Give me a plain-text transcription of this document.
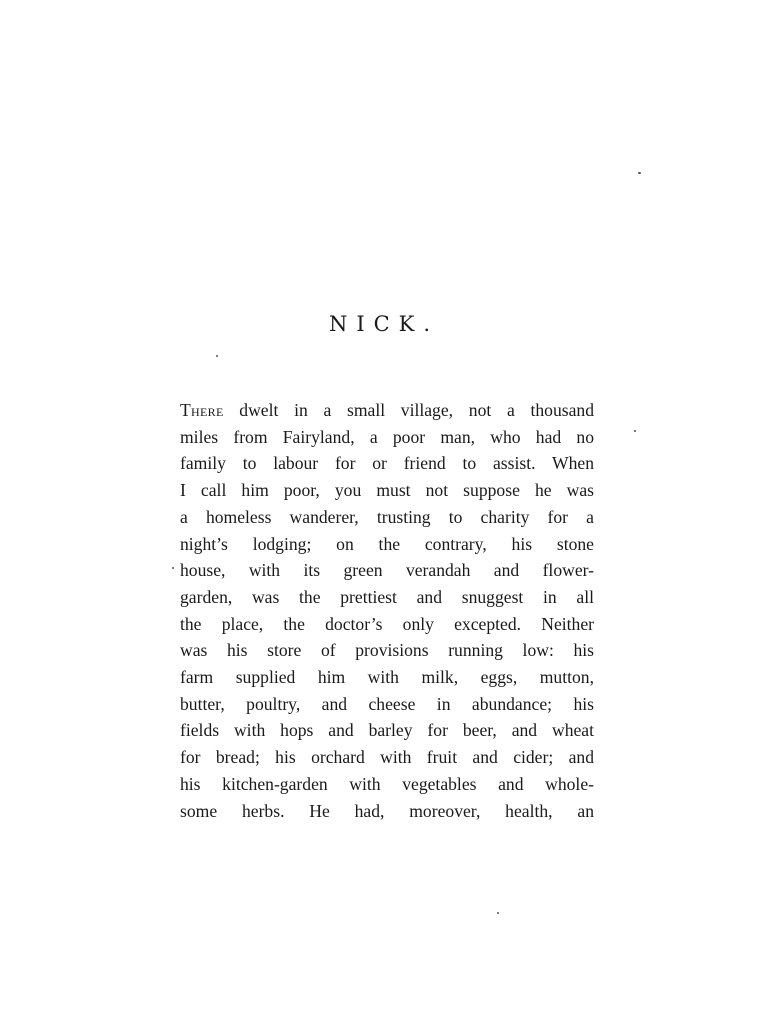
NICK.
There dwelt in a small village, not a thousand
miles from Fairyland, a poor man, who had no
family to labour for or friend to assist. When
I call him poor, you must not suppose he was
a homeless wanderer, trusting to charity for a
night’s lodging; on the contrary, his stone
house, with its green verandah and flower-
garden, was the prettiest and snuggest in all
the place, the doctor’s only excepted. Neither
was his store of provisions running low: his
farm supplied him with milk, eggs, mutton,
butter, poultry, and cheese in abundance; his
fields with hops and barley for beer, and wheat
for bread; his orchard with fruit and cider; and
his kitchen-garden with vegetables and whole-
some herbs. He had, moreover, health, an
